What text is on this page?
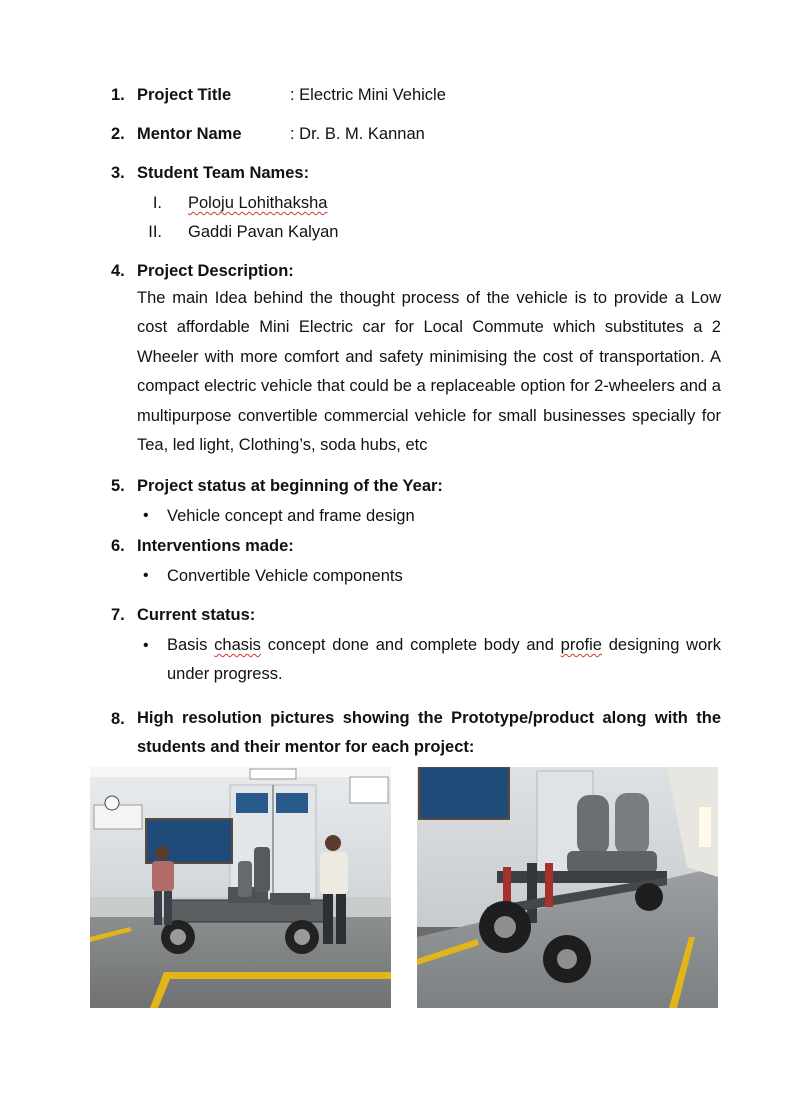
1. Project Title	: Electric Mini Vehicle
2. Mentor Name	: Dr. B. M. Kannan
3. Student Team Names:
I. Poloju Lohithaksha
II. Gaddi Pavan Kalyan
4. Project Description:
The main Idea behind the thought process of the vehicle is to provide a Low cost affordable Mini Electric car for Local Commute which substitutes a 2 Wheeler with more comfort and safety minimising the cost of transportation. A compact electric vehicle that could be a replaceable option for 2-wheelers and a multipurpose convertible commercial vehicle for small businesses specially for Tea, led light, Clothing’s, soda hubs, etc
5. Project status at beginning of the Year:
• Vehicle concept and frame design
6. Interventions made:
• Convertible Vehicle components
7. Current status:
• Basis chasis concept done and complete body and profie designing work under progress.
8. High resolution pictures showing the Prototype/product along with the students and their mentor for each project:
